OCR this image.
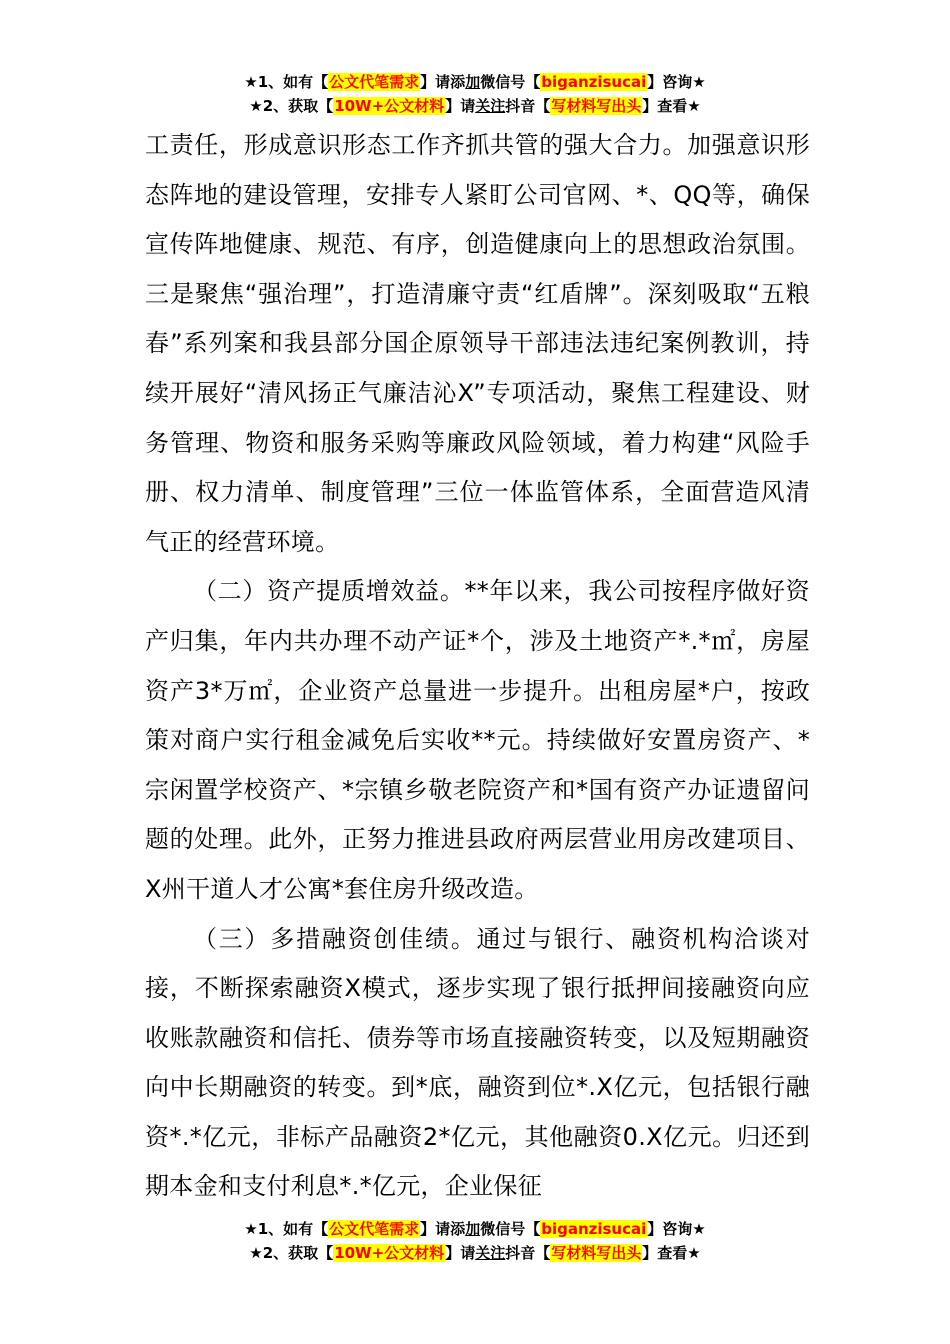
★1、如有【公文代笔需求】请添加微信号【biganzisucai】咨询★
★2、获取【10W+公文材料】请关注抖音【写材料写出头】查看★

工责任，形成意识形态工作齐抓共管的强大合力。加强意识形态阵地的建设管理，安排专人紧盯公司官网、*、QQ等，确保宣传阵地健康、规范、有序，创造健康向上的思想政治氛围。三是聚焦“强治理”，打造清廉守责“红盾牌”。深刻吸取“五粮春”系列案和我县部分国企原领导干部违法违纪案例教训，持续开展好“清风扬正气廉洁沁X”专项活动，聚焦工程建设、财务管理、物资和服务采购等廉政风险领域，着力构建“风险手册、权力清单、制度管理”三位一体监管体系，全面营造风清气正的经营环境。

（二）资产提质增效益。**年以来，我公司按程序做好资产归集，年内共办理不动产证*个，涉及土地资产*.*㎡，房屋资产3*万㎡，企业资产总量进一步提升。出租房屋*户，按政策对商户实行租金减免后实收**元。持续做好安置房资产、*宗闲置学校资产、*宗镇乡敬老院资产和*国有资产办证遗留问题的处理。此外，正努力推进县政府两层营业用房改建项目、X州干道人才公寓*套住房升级改造。

（三）多措融资创佳绩。通过与银行、融资机构洽谈对接，不断探索融资X模式，逐步实现了银行抵押间接融资向应收账款融资和信托、债券等市场直接融资转变，以及短期融资向中长期融资的转变。到*底，融资到位*.X亿元，包括银行融资*.*亿元，非标产品融资2*亿元，其他融资0.X亿元。归还到期本金和支付利息*.*亿元，企业保征

★1、如有【公文代笔需求】请添加微信号【biganzisucai】咨询★
★2、获取【10W+公文材料】请关注抖音【写材料写出头】查看★
